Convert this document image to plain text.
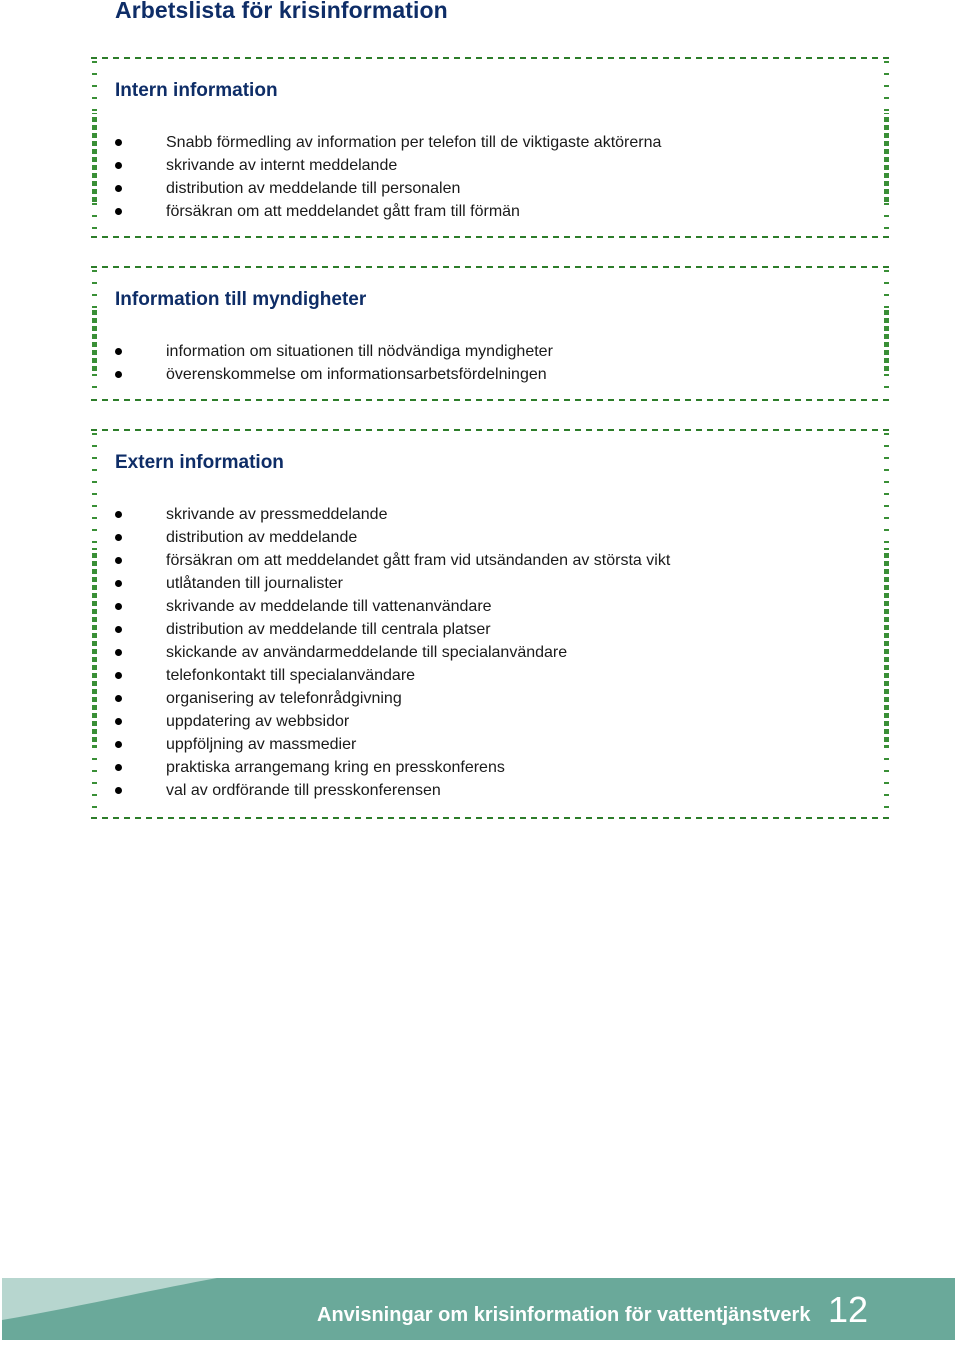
Arbetslista för krisinformation
Intern information
Snabb förmedling av information per telefon till de viktigaste aktörerna
skrivande av internt meddelande
distribution av meddelande till personalen
försäkran om att meddelandet gått fram till förmän
Information till myndigheter
information om situationen till nödvändiga myndigheter
överenskommelse om informationsarbetsfördelningen
Extern information
skrivande av pressmeddelande
distribution av meddelande
försäkran om att meddelandet gått fram vid utsändanden av största vikt
utlåtanden till journalister
skrivande av meddelande till vattenanvändare
distribution av meddelande till centrala platser
skickande av användarmeddelande till specialanvändare
telefonkontakt till specialanvändare
organisering av telefonrådgivning
uppdatering av webbsidor
uppföljning av massmedier
praktiska arrangemang kring en presskonferens
val av ordförande till presskonferensen
Anvisningar om krisinformation för vattentjänstverk 12
